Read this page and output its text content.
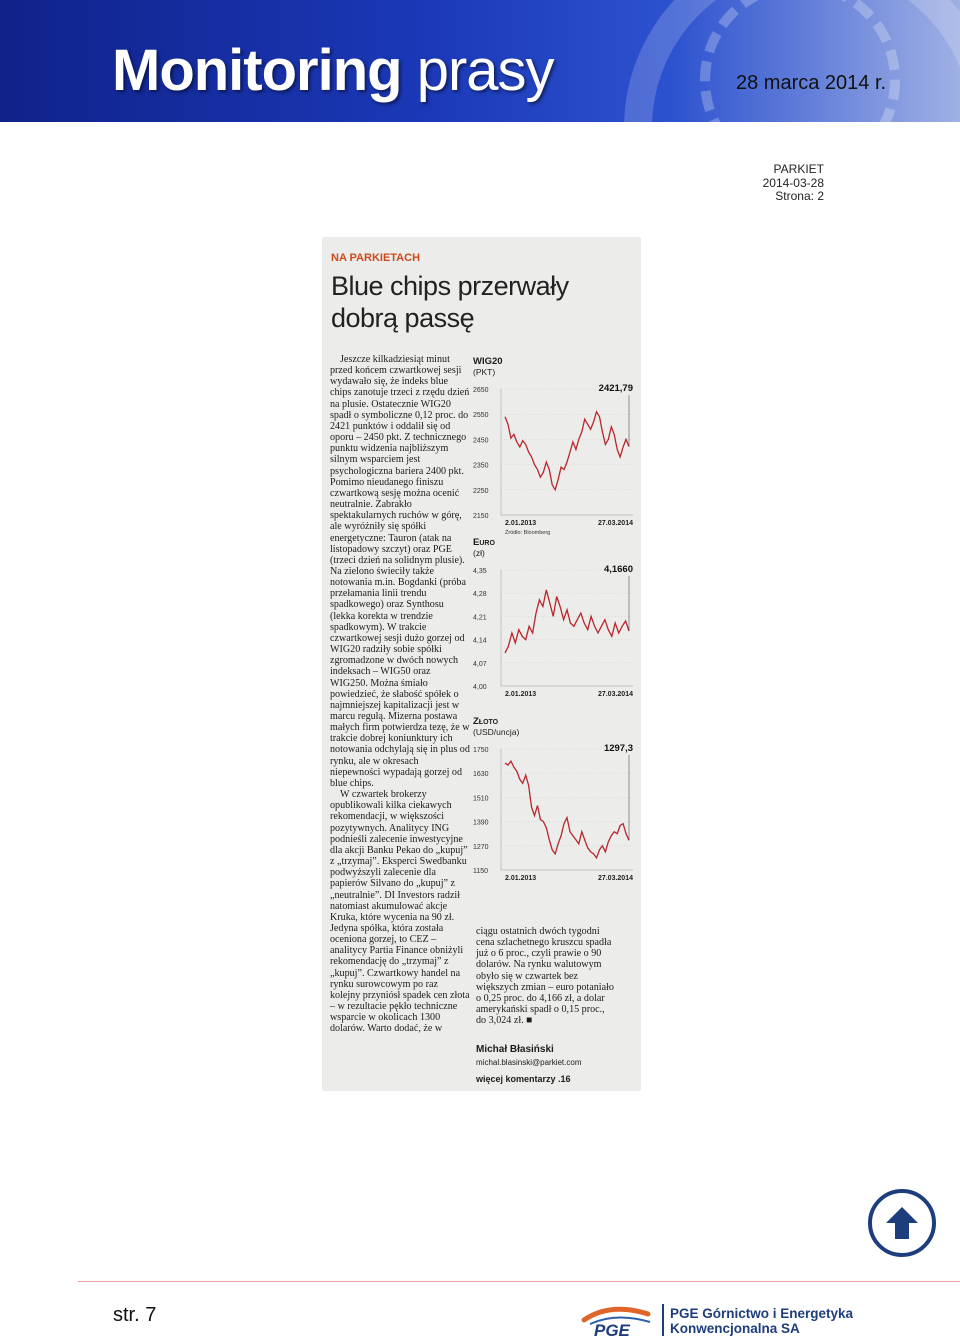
Monitoring prasy	28 marca 2014 r.
PARKIET
2014-03-28
Strona: 2
NA PARKIETACH
Blue chips przerwały dobrą passę

Jeszcze kilkadziesiąt minut przed końcem czwartkowej sesji wydawało się, że indeks blue chips zanotuje trzeci z rzędu dzień na plusie. Ostatecznie WIG20 spadł o symboliczne 0,12 proc. do 2421 punktów i oddalił się od oporu – 2450 pkt. Z technicznego punktu widzenia najbliższym silnym wsparciem jest psychologiczna bariera 2400 pkt. Pomimo nieudanego finiszu czwartkową sesję można ocenić neutralnie. Zabrakło spektakularnych ruchów w górę, ale wyróżniły się spółki energetyczne: Tauron (atak na listopadowy szczyt) oraz PGE (trzeci dzień na solidnym plusie). Na zielono świeciły także notowania m.in. Bogdanki (próba przełamania linii trendu spadkowego) oraz Synthosu (lekka korekta w trendzie spadkowym). W trakcie czwartkowej sesji dużo gorzej od WIG20 radziły sobie spółki zgromadzone w dwóch nowych indeksach – WIG50 oraz WIG250. Można śmiało powiedzieć, że słabość spółek o najmniejszej kapitalizacji jest w marcu regułą. Mizerna postawa małych firm potwierdza tezę, że w trakcie dobrej koniunktury ich notowania odchylają się in plus od rynku, ale w okresach niepewności wypadają gorzej od blue chips.

W czwartek brokerzy opublikowali kilka ciekawych rekomendacji, w większości pozytywnych. Analitycy ING podnieśli zalecenie inwestycyjne dla akcji Banku Pekao do „kupuj” z „trzymaj”. Eksperci Swedbanku podwyższyli zalecenie dla papierów Silvano do „kupuj” z „neutralnie”. DI Investors radził natomiast akumulować akcje Kruka, które wycenia na 90 zł. Jedyna spółka, która została oceniona gorzej, to CEZ – analitycy Partia Finance obniżyli rekomendację do „trzymaj” z „kupuj”. Czwartkowy handel na rynku surowcowym po raz kolejny przyniósł spadek cen złota – w rezultacie pękło techniczne wsparcie w okolicach 1300 dolarów. Warto dodać, że w

WIG20
(PKT)
2650
2550
2450
2350
2250
2150
2421,79
2.01.2013	27.03.2014
Źródło: Bloomberg
Euro
(zł)
4,35
4,28
4,21
4,14
4,07
4,00
4,1660
2.01.2013	27.03.2014
Złoto
(USD/uncja)
1750
1630
1510
1390
1270
1150
1297,3
2.01.2013	27.03.2014

ciągu ostatnich dwóch tygodni cena szlachetnego kruszcu spadła już o 6 proc., czyli prawie o 90 dolarów. Na rynku walutowym obyło się w czwartek bez większych zmian – euro potaniało o 0,25 proc. do 4,166 zł, a dolar amerykański spadł o 0,15 proc., do 3,024 zł. ■

Michał Błasiński
michal.blasinski@parkiet.com
więcej komentarzy .16
str. 7
PGE
PGE Górnictwo i Energetyka
Konwencjonalna SA
